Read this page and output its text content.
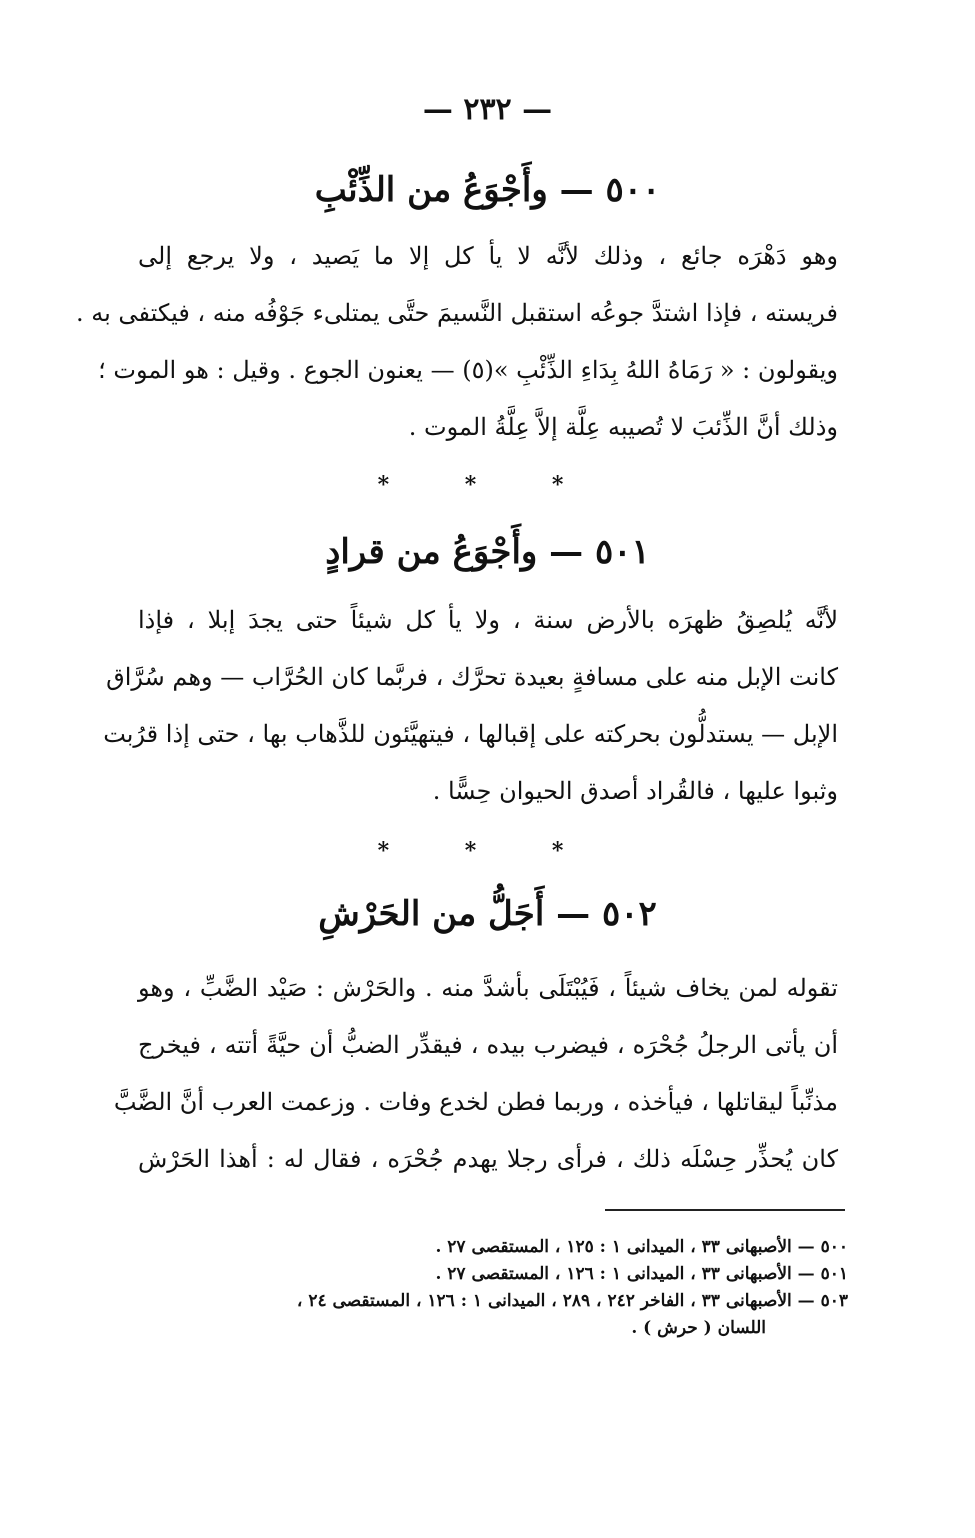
— ٢٣٢ —
٥٠٠ — وأَجْوَعُ من الذِّئْبِ
وهو دَهْرَه جائع ، وذلك لأنَّه لا يأ كل إلا ما يَصيد ، ولا يرجع إلى
فريسته ، فإذا اشتدَّ جوعُه استقبل النَّسيمَ حتَّى يمتلىء جَوْفُه منه ، فيكتفى به .
ويقولون : « رَمَاهُ اللهُ بِدَاءِ الذِّئْبِ »(٥) — يعنون الجوع . وقيل : هو الموت ؛
وذلك أنَّ الذِّئبَ لا تُصيبه عِلَّة إلاَّ عِلَّةُ الموت .
* * *
٥٠١ — وأَجْوَعُ من قرادٍ
لأنَّه يُلصِقُ ظهرَه بالأرض سنة ، ولا يأ كل شيئاً حتى يجدَ إبلا ، فإذا
كانت الإبل منه على مسافةٍ بعيدة تحرَّك ، فربَّما كان الحُرَّاب — وهم سُرَّاق
الإبل — يستدلُّون بحركته على إقبالها ، فيتهيَّئون للذَّهاب بها ، حتى إذا قرُبت
وثبوا عليها ، فالقُراد أصدق الحيوان حِسًّا .
* * *
٥٠٢ — أَجَلُّ من الحَرْشِ
تقوله لمن يخاف شيئاً ، فَيُبْتَلَى بأشدَّ منه . والحَرْش : صَيْد الضَّبِّ ، وهو
أن يأتى الرجلُ جُحْرَه ، فيضرب بيده ، فيقدِّر الضبُّ أن حيَّةً أتته ، فيخرج
مذنِّباً ليقاتلها ، فيأخذه ، وربما فطن لخدع وفات . وزعمت العرب أنَّ الضَّبَّ
كان يُحذِّر حِسْلَه ذلك ، فرأى رجلا يهدم جُحْرَه ، فقال له : أهذا الحَرْش
٥٠٠ — الأصبهانى ٣٣ ، الميدانى ١ : ١٢٥ ، المستقصى ٢٧ .
٥٠١ — الأصبهانى ٣٣ ، الميدانى ١ : ١٢٦ ، المستقصى ٢٧ .
٥٠٣ — الأصبهانى ٣٣ ، الفاخر ٢٤٢ ، ٢٨٩ ، الميدانى ١ : ١٢٦ ، المستقصى ٢٤ ،
اللسان ( حرش ) .
